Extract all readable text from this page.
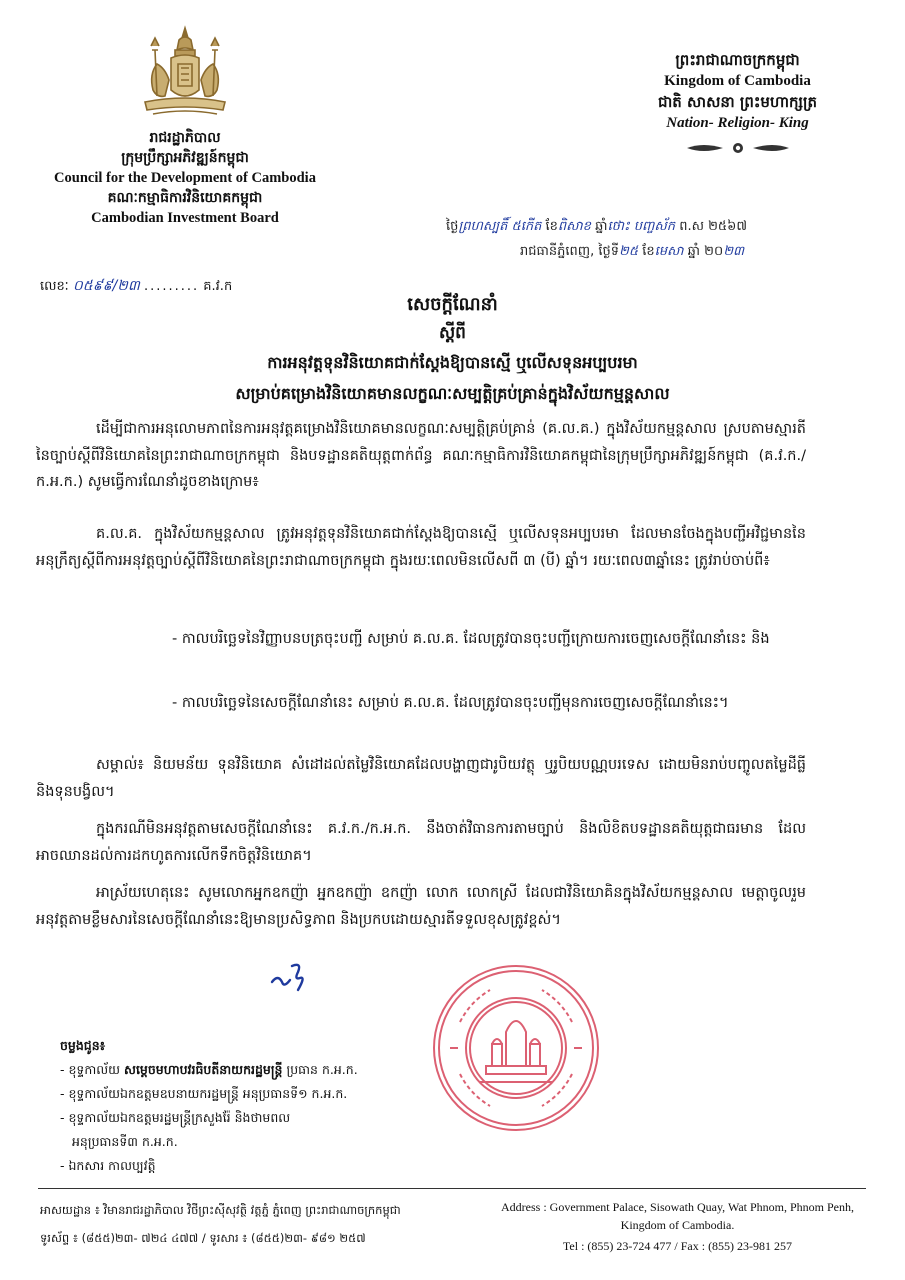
រាជរដ្ឋាភិបាល
ក្រុមប្រឹក្សាអភិវឌ្ឍន៍កម្ពុជា
Council for the Development of Cambodia
គណៈកម្មាធិការវិនិយោគកម្ពុជា
Cambodian Investment Board
ព្រះរាជាណាចក្រកម្ពុជា
Kingdom of Cambodia
ជាតិ សាសនា ព្រះមហាក្សត្រ
Nation- Religion- King
ថ្ងៃព្រហស្បតិ៍ ៥កើត ខែពិសាខ ឆ្នាំថោះ បញ្ចស័ក ព.ស ២៥៦៧
រាជធានីភ្នំពេញ, ថ្ងៃទី២៥ ខែមេសា ឆ្នាំ ២០២៣
លេខៈ ០៥៩៩/២៣ ......... គ.វ.ក
សេចក្តីណែនាំ
ស្តីពី
ការអនុវត្តទុនវិនិយោគជាក់ស្តែងឱ្យបានស្មើ ឬលើសទុនអប្បបរមា
សម្រាប់គម្រោងវិនិយោគមានលក្ខណៈសម្បត្តិគ្រប់គ្រាន់ក្នុងវិស័យកម្មន្តសាល
ដើម្បីជាការអនុលោមភាពនៃការអនុវត្តគម្រោងវិនិយោគមានលក្ខណៈសម្បត្តិគ្រប់គ្រាន់ (គ.ល.គ.) ក្នុងវិស័យកម្មន្តសាល ស្របតាមស្មារតីនៃច្បាប់ស្តីពីវិនិយោគនៃព្រះរាជាណាចក្រកម្ពុជា និងបទដ្ឋានគតិយុត្តពាក់ព័ន្ធ គណៈកម្មាធិការវិនិយោគកម្ពុជានៃក្រុមប្រឹក្សាអភិវឌ្ឍន៍កម្ពុជា (គ.វ.ក./ក.អ.ក.) សូមធ្វើការណែនាំដូចខាងក្រោម៖
គ.ល.គ. ក្នុងវិស័យកម្មន្តសាល ត្រូវអនុវត្តទុនវិនិយោគជាក់ស្តែងឱ្យបានស្មើ ឬលើសទុនអប្បបរមា ដែលមានចែងក្នុងបញ្ជីអវិជ្ជមាននៃអនុក្រឹត្យស្តីពីការអនុវត្តច្បាប់ស្តីពីវិនិយោគនៃព្រះរាជាណាចក្រកម្ពុជា ក្នុងរយៈពេលមិនលើសពី ៣ (បី) ឆ្នាំ។ រយៈពេល៣ឆ្នាំនេះ ត្រូវរាប់ចាប់ពី៖
- កាលបរិច្ឆេទនៃវិញ្ញាបនបត្រចុះបញ្ជី សម្រាប់ គ.ល.គ. ដែលត្រូវបានចុះបញ្ជីក្រោយការចេញសេចក្តីណែនាំនេះ និង
- កាលបរិច្ឆេទនៃសេចក្តីណែនាំនេះ សម្រាប់ គ.ល.គ. ដែលត្រូវបានចុះបញ្ជីមុនការចេញសេចក្តីណែនាំនេះ។
សម្គាល់៖ និយមន័យ ទុនវិនិយោគ សំដៅដល់តម្លៃវិនិយោគដែលបង្ហាញជារូបិយវត្ថុ ឬរូបិយបណ្ណបរទេស ដោយមិនរាប់បញ្ចូលតម្លៃដីធ្លី និងទុនបង្វិល។
ក្នុងករណីមិនអនុវត្តតាមសេចក្តីណែនាំនេះ គ.វ.ក./ក.អ.ក. នឹងចាត់វិធានការតាមច្បាប់ និងលិខិតបទដ្ឋានគតិយុត្តជាធរមាន ដែលអាចឈានដល់ការដកហូតការលើកទឹកចិត្តវិនិយោគ។
អាស្រ័យហេតុនេះ សូមលោកអ្នកឧកញ៉ា អ្នកឧកញ៉ា ឧកញ៉ា លោក លោកស្រី ដែលជាវិនិយោគិនក្នុងវិស័យកម្មន្តសាល មេត្តាចូលរួមអនុវត្តតាមខ្លឹមសារនៃសេចក្តីណែនាំនេះឱ្យមានប្រសិទ្ធភាព និងប្រកបដោយស្មារតីទទួលខុសត្រូវខ្ពស់។
ចម្លងជូន៖
- ខុទ្ទកាល័យ សម្តេចមហាបវរធិបតីនាយករដ្ឋមន្ត្រី ប្រធាន ក.អ.ក.
- ខុទ្ទកាល័យឯកឧត្តមឧបនាយករដ្ឋមន្ត្រី អនុប្រធានទី១ ក.អ.ក.
- ខុទ្ទកាល័យឯកឧត្តមរដ្ឋមន្ត្រីក្រសួងរ៉ែ និងថាមពល
អនុប្រធានទី៣ ក.អ.ក.
- ឯកសារ កាលប្បវត្តិ
អាសយដ្ឋាន ៖ វិមានរាជរដ្ឋាភិបាល វិថីព្រះស៊ីសុវត្ថិ វត្តភ្នំ ភ្នំពេញ ព្រះរាជាណាចក្រកម្ពុជា
ទូរស័ព្ទ ៖ (៨៥៥)២៣- ៧២៤ ៤៧៧ / ទូរសារ ៖ (៨៥៥)២៣- ៩៨១ ២៥៧
Address : Government Palace, Sisowath Quay, Wat Phnom, Phnom Penh,
Kingdom of Cambodia.
Tel : (855) 23-724 477 / Fax : (855) 23-981 257
